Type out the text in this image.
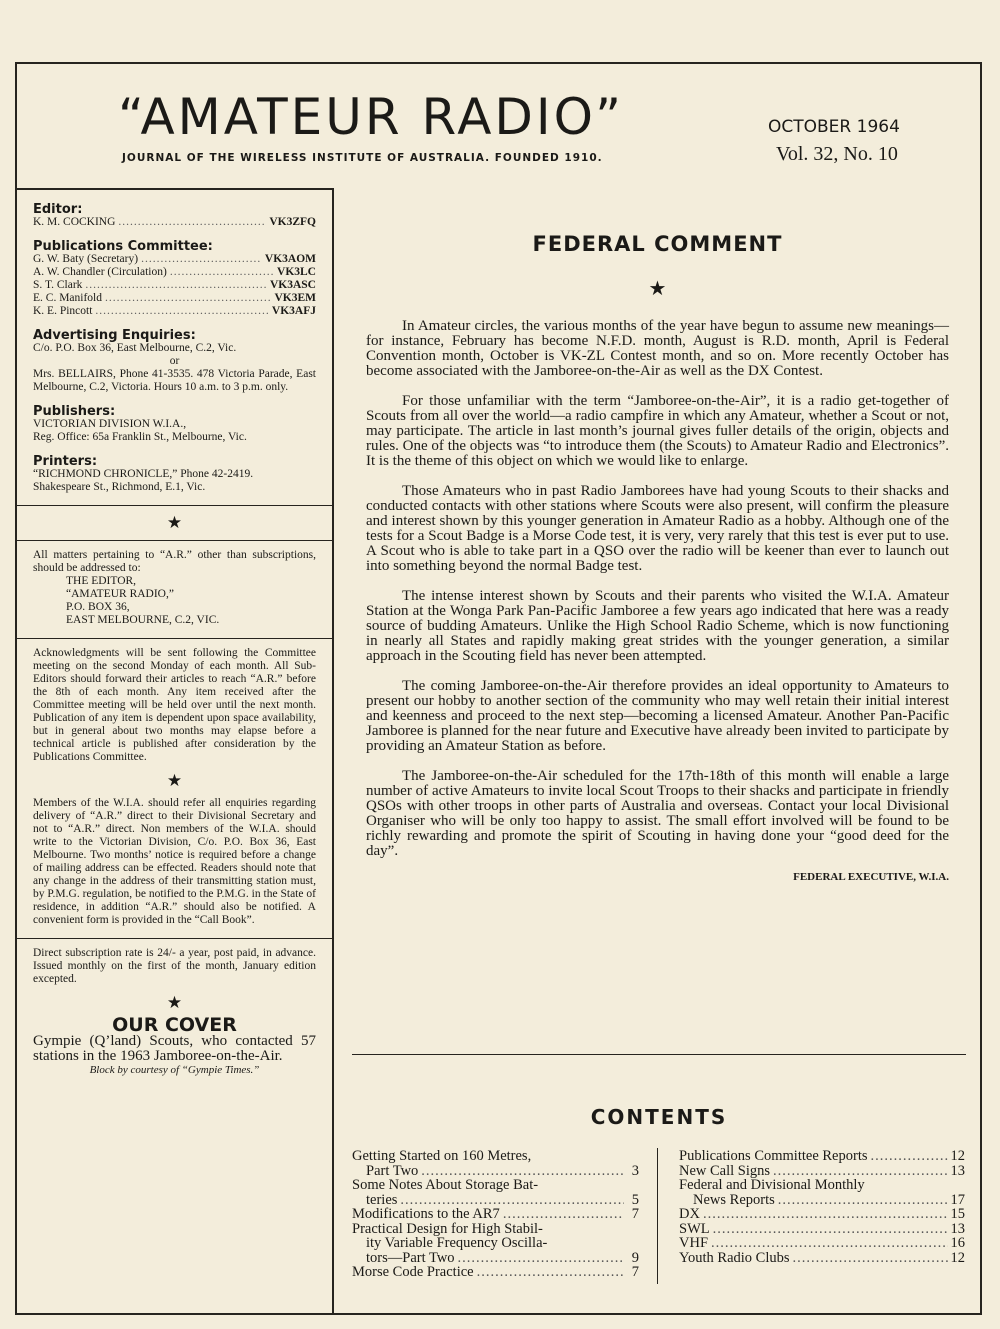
“AMATEUR RADIO”
JOURNAL OF THE WIRELESS INSTITUTE OF AUSTRALIA. FOUNDED 1910.
OCTOBER 1964
Vol. 32, No. 10
Editor:
K. M. COCKING .....	VK3ZFQ
Publications Committee:
G. W. Baty (Secretary) .....	VK3AOM
A. W. Chandler (Circulation) .....	VK3LC
S. T. Clark .....	VK3ASC
E. C. Manifold .....	VK3EM
K. E. Pincott .....	VK3AFJ
Advertising Enquiries:

C/o. P.O. Box 36, East Melbourne, C.2, Vic.

or

Mrs. BELLAIRS, Phone 41-3535. 478 Victoria Parade, East Melbourne, C.2, Victoria. Hours 10 a.m. to 3 p.m. only.

Publishers:

VICTORIAN DIVISION W.I.A.,

Reg. Office: 65a Franklin St., Melbourne, Vic.

Printers:

“RICHMOND CHRONICLE,” Phone 42-2419.

Shakespeare St., Richmond, E.1, Vic.

★

All matters pertaining to “A.R.” other than subscriptions, should be addressed to:

THE EDITOR,
“AMATEUR RADIO,”
P.O. BOX 36,
EAST MELBOURNE, C.2, VIC.

Acknowledgments will be sent following the Committee meeting on the second Monday of each month. All Sub-Editors should forward their articles to reach “A.R.” before the 8th of each month. Any item received after the Committee meeting will be held over until the next month. Publication of any item is dependent upon space availability, but in general about two months may elapse before a technical article is published after consideration by the Publications Committee.

★

Members of the W.I.A. should refer all enquiries regarding delivery of “A.R.” direct to their Divisional Secretary and not to “A.R.” direct. Non members of the W.I.A. should write to the Victorian Division, C/o. P.O. Box 36, East Melbourne. Two months’ notice is required before a change of mailing address can be effected. Readers should note that any change in the address of their transmitting station must, by P.M.G. regulation, be notified to the P.M.G. in the State of residence, in addition “A.R.” should also be notified. A convenient form is provided in the “Call Book”.

Direct subscription rate is 24/- a year, post paid, in advance. Issued monthly on the first of the month, January edition excepted.

★
OUR COVER
Gympie (Q’land) Scouts, who contacted 57 stations in the 1963 Jamboree-on-the-Air.
Block by courtesy of “Gympie Times.”
FEDERAL COMMENT
★

In Amateur circles, the various months of the year have begun to assume new meanings—for instance, February has become N.F.D. month, August is R.D. month, April is Federal Convention month, October is VK-ZL Contest month, and so on. More recently October has become associated with the Jamboree-on-the-Air as well as the DX Contest.

For those unfamiliar with the term “Jamboree-on-the-Air”, it is a radio get-together of Scouts from all over the world—a radio campfire in which any Amateur, whether a Scout or not, may participate. The article in last month’s journal gives fuller details of the origin, objects and rules. One of the objects was “to introduce them (the Scouts) to Amateur Radio and Electronics”. It is the theme of this object on which we would like to enlarge.

Those Amateurs who in past Radio Jamborees have had young Scouts to their shacks and conducted contacts with other stations where Scouts were also present, will confirm the pleasure and interest shown by this younger generation in Amateur Radio as a hobby. Although one of the tests for a Scout Badge is a Morse Code test, it is very, very rarely that this test is ever put to use. A Scout who is able to take part in a QSO over the radio will be keener than ever to launch out into something beyond the normal Badge test.

The intense interest shown by Scouts and their parents who visited the W.I.A. Amateur Station at the Wonga Park Pan-Pacific Jamboree a few years ago indicated that here was a ready source of budding Amateurs. Unlike the High School Radio Scheme, which is now functioning in nearly all States and rapidly making great strides with the younger generation, a similar approach in the Scouting field has never been attempted.

The coming Jamboree-on-the-Air therefore provides an ideal opportunity to Amateurs to present our hobby to another section of the community who may well retain their initial interest and keenness and proceed to the next step—becoming a licensed Amateur. Another Pan-Pacific Jamboree is planned for the near future and Executive have already been invited to participate by providing an Amateur Station as before.

The Jamboree-on-the-Air scheduled for the 17th-18th of this month will enable a large number of active Amateurs to invite local Scout Troops to their shacks and participate in friendly QSOs with other troops in other parts of Australia and overseas. Contact your local Divisional Organiser who will be only too happy to assist. The small effort involved will be found to be richly rewarding and promote the spirit of Scouting in having done your “good deed for the day”.

FEDERAL EXECUTIVE, W.I.A.
CONTENTS
Getting Started on 160 Metres,
Part Two .....	3
Some Notes About Storage Bat-
teries .....	5
Modifications to the AR7 .....	7
Practical Design for High Stabil-
ity Variable Frequency Oscilla-
tors—Part Two .....	9
Morse Code Practice .....	7
Publications Committee Reports .....	12
New Call Signs .....	13
Federal and Divisional Monthly
News Reports .....	17
DX .....	15
SWL .....	13
VHF .....	16
Youth Radio Clubs .....	12
